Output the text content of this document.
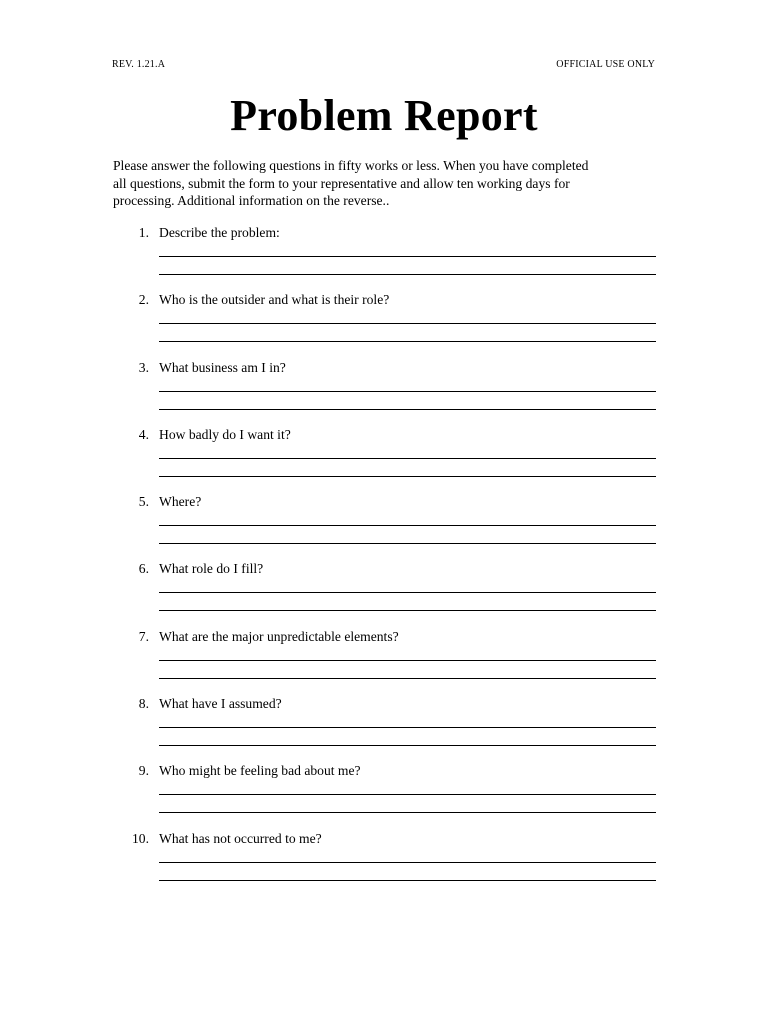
REV. 1.21.A	OFFICIAL USE ONLY
Problem Report

Please answer the following questions in fifty works or less. When you have completed

all questions, submit the form to your representative and allow ten working days for

processing. Additional information on the reverse..

1. Describe the problem:
2. Who is the outsider and what is their role?
3. What business am I in?
4. How badly do I want it?
5. Where?
6. What role do I fill?
7. What are the major unpredictable elements?
8. What have I assumed?
9. Who might be feeling bad about me?
10. What has not occurred to me?
